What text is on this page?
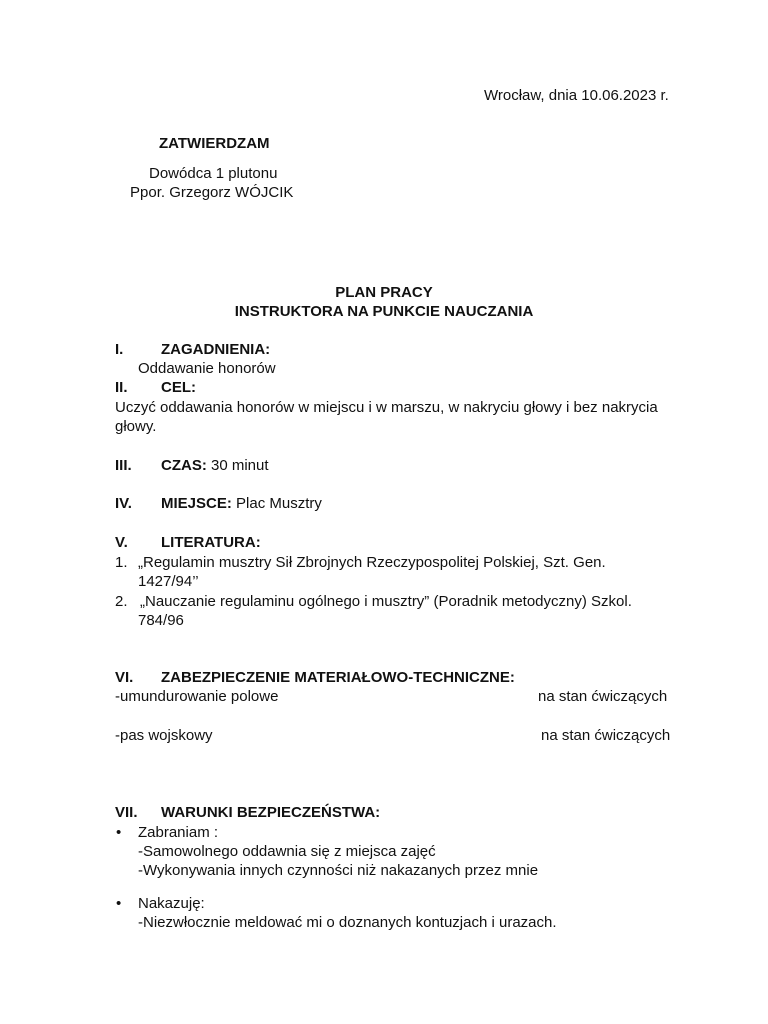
Wrocław, dnia 10.06.2023 r.
ZATWIERDZAM
Dowódca 1 plutonu
Ppor. Grzegorz WÓJCIK
PLAN PRACY
INSTRUKTORA NA PUNKCIE NAUCZANIA
I.	ZAGADNIENIA:
Oddawanie honorów
II. CEL:
Uczyć oddawania honorów w miejscu i w marszu, w nakryciu głowy i bez nakrycia
głowy.
III. CZAS: 30 minut
IV. MIEJSCE: Plac Musztry
V. LITERATURA:
1. „Regulamin musztry Sił Zbrojnych Rzeczypospolitej Polskiej, Szt. Gen.
1427/94’’
2. „Nauczanie regulaminu ogólnego i musztry” (Poradnik metodyczny) Szkol.
784/96
VI. ZABEZPIECZENIE MATERIAŁOWO-TECHNICZNE:
-umundurowanie polowe	na stan ćwiczących
-pas wojskowy	na stan ćwiczących
VII. WARUNKI BEZPIECZEŃSTWA:
• Zabraniam :
-Samowolnego oddawnia się z miejsca zajęć
-Wykonywania innych czynności niż nakazanych przez mnie
• Nakazuję:
-Niezwłocznie meldować mi o doznanych kontuzjach i urazach.
